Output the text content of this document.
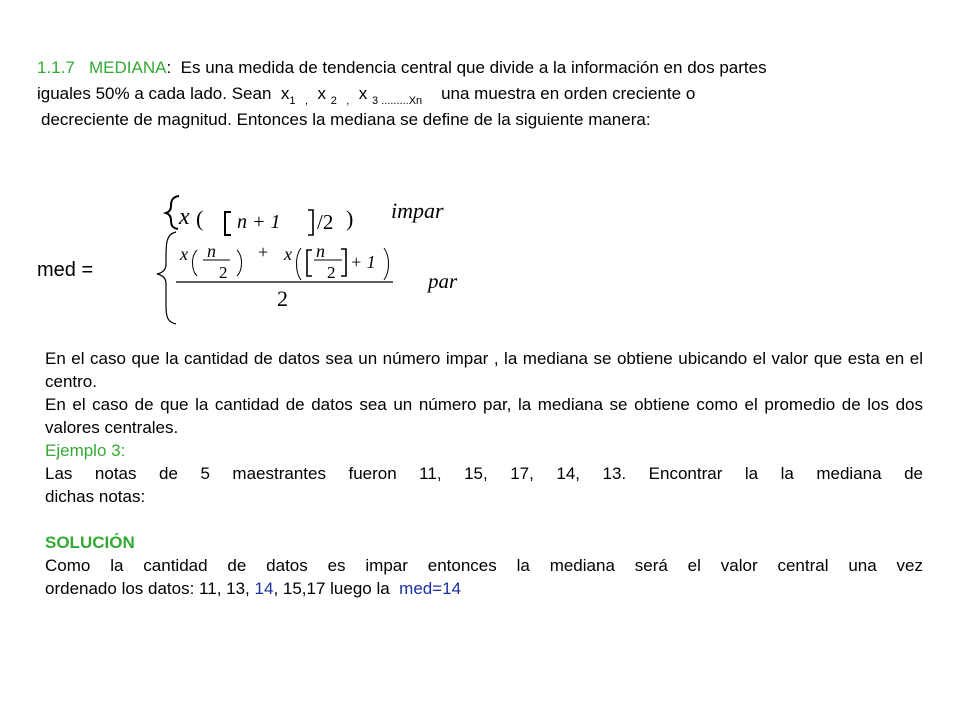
1.1.7 MEDIANA: Es una medida de tendencia central que divide a la información en dos partes
iguales 50% a cada lado. Sean $x_1$ $_,$ x $_2$ $_,$ x $_{3 .........Xn}$ una muestra en orden creciente o
decreciente de magnitud. Entonces la mediana se define de la siguiente manera:
med =
x ( n + 1 /2 ) impar
x n
2
+ x n
2
+ 1
2
par

En el caso que la cantidad de datos sea un número impar , la mediana se obtiene ubicando el valor que esta en el centro.

En el caso de que la cantidad de datos sea un número par, la mediana se obtiene como el promedio de los dos valores centrales.

Ejemplo 3:

Las notas de 5 maestrantes fueron 11, 15, 17, 14, 13. Encontrar la la mediana de

dichas notas:

SOLUCIÓN

Como la cantidad de datos es impar entonces la mediana será el valor central una vez

ordenado los datos: 11, 13, 14, 15,17 luego la med=14
